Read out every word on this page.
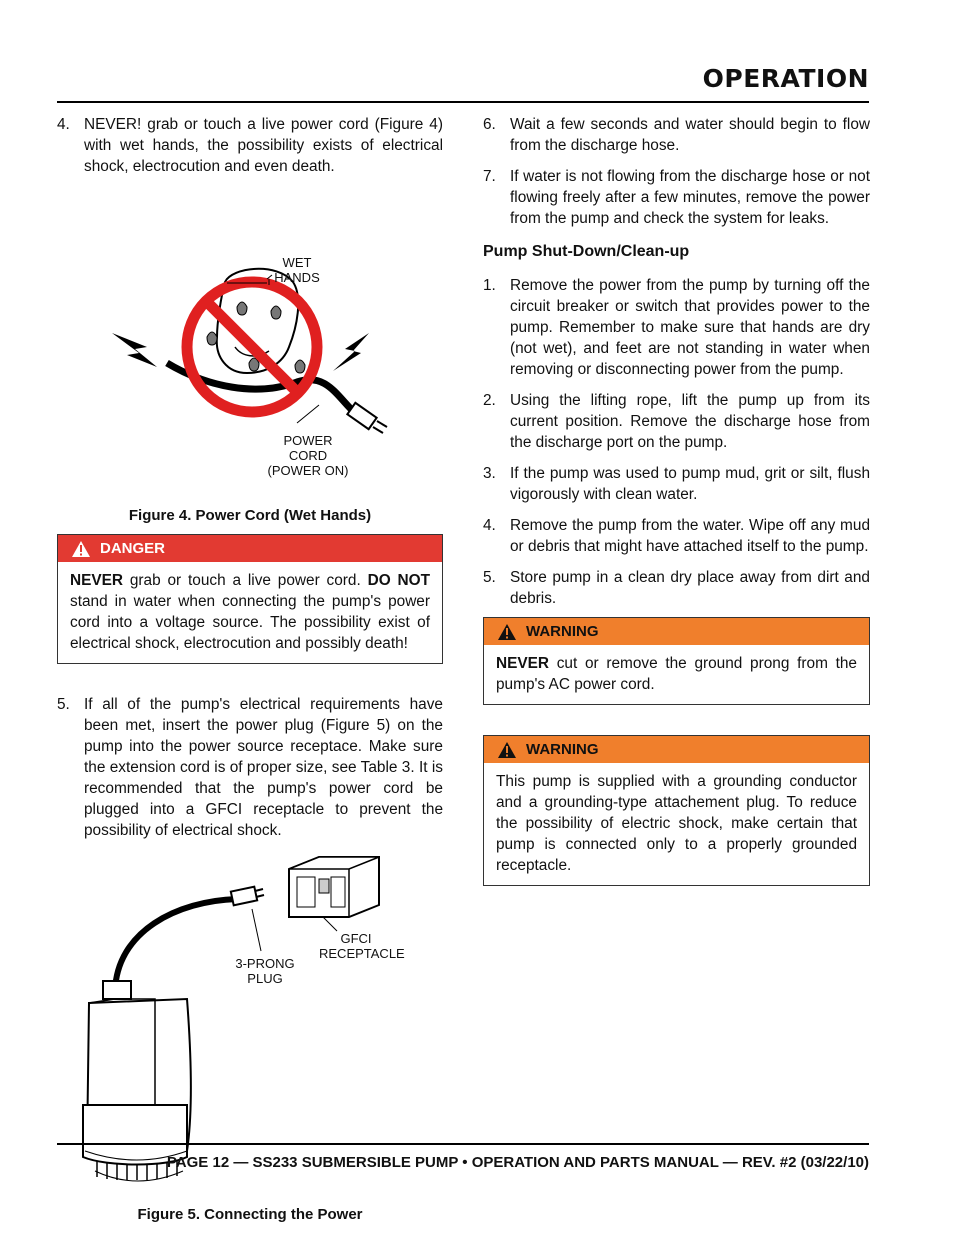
OPERATION
4. NEVER! grab or touch a live power cord (Figure 4) with wet hands, the possibility exists of electrical shock, electrocution and even death.
WET
HANDS
POWER
CORD
(POWER ON)
Figure 4. Power Cord (Wet Hands)
DANGER
NEVER grab or touch a live power cord. DO NOT stand in water when connecting the pump's power cord into a voltage source. The possibility exist of electrical shock, electrocution and possibly death!
5. If all of the pump's electrical requirements have been met, insert the power plug (Figure 5) on the pump into the power source receptace. Make sure the extension cord is of proper size, see Table 3. It is recommended that the pump's power cord be plugged into a GFCI receptacle to prevent the possibility of electrical shock.
GFCI
RECEPTACLE
3-PRONG
PLUG
Figure 5. Connecting the Power
6. Wait a few seconds and water should begin to flow from the discharge hose.
7. If water is not flowing from the discharge hose or not flowing freely after a few minutes, remove the power from the pump and check the system for leaks.
Pump Shut-Down/Clean-up
1. Remove the power from the pump by turning off the circuit breaker or switch that provides power to the pump. Remember to make sure that hands are dry (not wet), and feet are not standing in water when removing or disconnecting power from the pump.
2. Using the lifting rope, lift the pump up from its current position. Remove the discharge hose from the discharge port on the pump.
3. If the pump was used to pump mud, grit or silt, flush vigorously with clean water.
4. Remove the pump from the water. Wipe off any mud or debris that might have attached itself to the pump.
5. Store pump in a clean dry place away from dirt and debris.
WARNING
NEVER cut or remove the ground prong from the pump's AC power cord.
WARNING
This pump is supplied with a grounding conductor and a grounding-type attachement plug. To reduce the possibility of electric shock, make certain that pump is connected only to a properly grounded receptacle.
PAGE 12 — SS233 SUBMERSIBLE PUMP • OPERATION AND PARTS MANUAL — REV. #2 (03/22/10)
